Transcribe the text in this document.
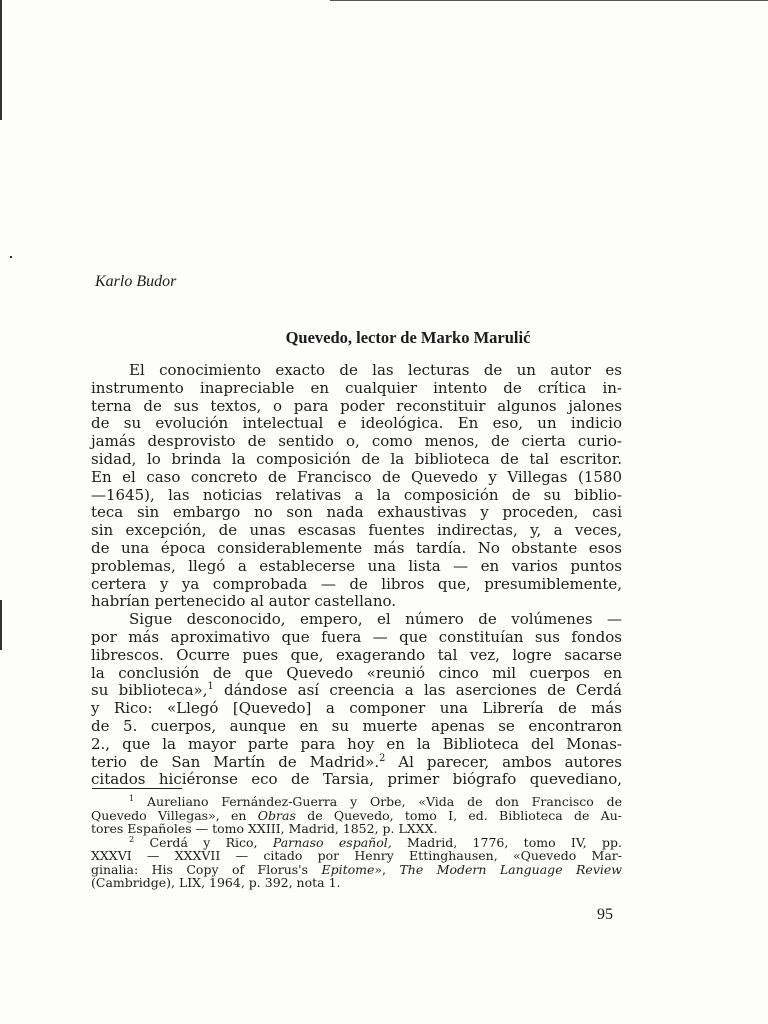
Karlo Budor
Quevedo, lector de Marko Marulić
El conocimiento exacto de las lecturas de un autor es
instrumento inapreciable en cualquier intento de crítica in-
terna de sus textos, o para poder reconstituir algunos jalones
de su evolución intelectual e ideológica. En eso, un indicio
jamás desprovisto de sentido o, como menos, de cierta curio-
sidad, lo brinda la composición de la biblioteca de tal escritor.
En el caso concreto de Francisco de Quevedo y Villegas (1580
—1645), las noticias relativas a la composición de su biblio-
teca sin embargo no son nada exhaustivas y proceden, casi
sin excepción, de unas escasas fuentes indirectas, y, a veces,
de una época considerablemente más tardía. No obstante esos
problemas, llegó a establecerse una lista — en varios puntos
certera y ya comprobada — de libros que, presumiblemente,
habrían pertenecido al autor castellano.
Sigue desconocido, empero, el número de volúmenes —
por más aproximativo que fuera — que constituían sus fondos
librescos. Ocurre pues que, exagerando tal vez, logre sacarse
la conclusión de que Quevedo «reunió cinco mil cuerpos en
su biblioteca»,$^1$ dándose así creencia a las aserciones de Cerdá
y Rico: «Llegó [Quevedo] a componer una Librería de más
de 5. cuerpos, aunque en su muerte apenas se encontraron
2., que la mayor parte para hoy en la Biblioteca del Monas-
terio de San Martín de Madrid».$^2$ Al parecer, ambos autores
citados hiciéronse eco de Tarsia, primer biógrafo quevediano,
$^1$ Aureliano Fernández-Guerra y Orbe, «Vida de don Francisco de
Quevedo Villegas», en Obras de Quevedo, tomo I, ed. Biblioteca de Au-
tores Españoles — tomo XXIII, Madrid, 1852, p. LXXX.
$^2$ Cerdá y Rico, Parnaso español, Madrid, 1776, tomo IV, pp.
XXXVI — XXXVII — citado por Henry Ettinghausen, «Quevedo Mar-
ginalia: His Copy of Florus's Epitome», The Modern Language Review
(Cambridge), LIX, 1964, p. 392, nota 1.
95
